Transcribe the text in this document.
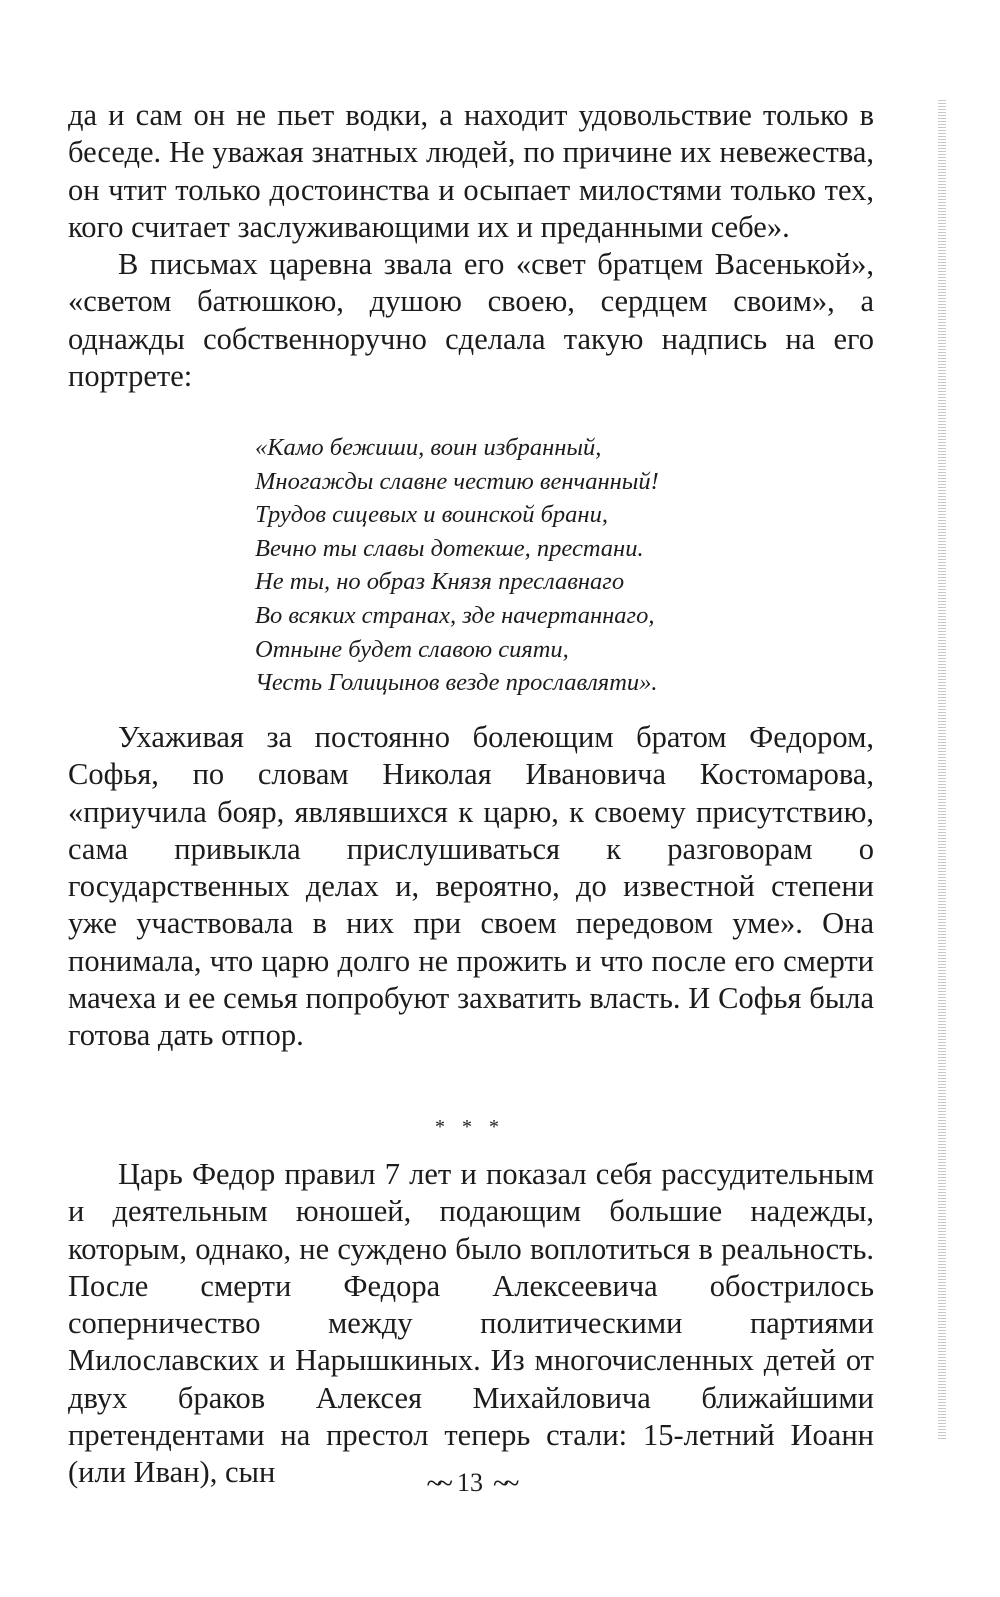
да и сам он не пьет водки, а находит удовольствие только в беседе. Не уважая знатных людей, по причине их невежества, он чтит только достоинства и осыпает милостями только тех, кого считает заслуживающими их и преданными себе».

В письмах царевна звала его «свет братцем Васенькой», «светом батюшкою, душою своею, сердцем своим», а однажды собственноручно сделала такую надпись на его портрете:

«Камо бежиши, воин избранный,
Многажды славне честию венчанный!
Трудов сицевых и воинской брани,
Вечно ты славы дотекше, престани.
Не ты, но образ Князя преславнаго
Во всяких странах, зде начертаннаго,
Отныне будет славою сияти,
Честь Голицынов везде прославляти».

Ухаживая за постоянно болеющим братом Федором, Софья, по словам Николая Ивановича Костомарова, «приучила бояр, являвшихся к царю, к своему присутствию, сама привыкла прислушиваться к разговорам о государственных делах и, вероятно, до известной степени уже участвовала в них при своем передовом уме». Она понимала, что царю долго не прожить и что после его смерти мачеха и ее семья попробуют захватить власть. И Софья была готова дать отпор.

* * *

Царь Федор правил 7 лет и показал себя рассудительным и деятельным юношей, подающим большие надежды, которым, однако, не суждено было воплотиться в реальность. После смерти Федора Алексеевича обострилось соперничество между политическими партиями Милославских и Нарышкиных. Из многочисленных детей от двух браков Алексея Михайловича ближайшими претендентами на престол теперь стали: 15-летний Иоанн (или Иван), сын	~~ 13 ~~
